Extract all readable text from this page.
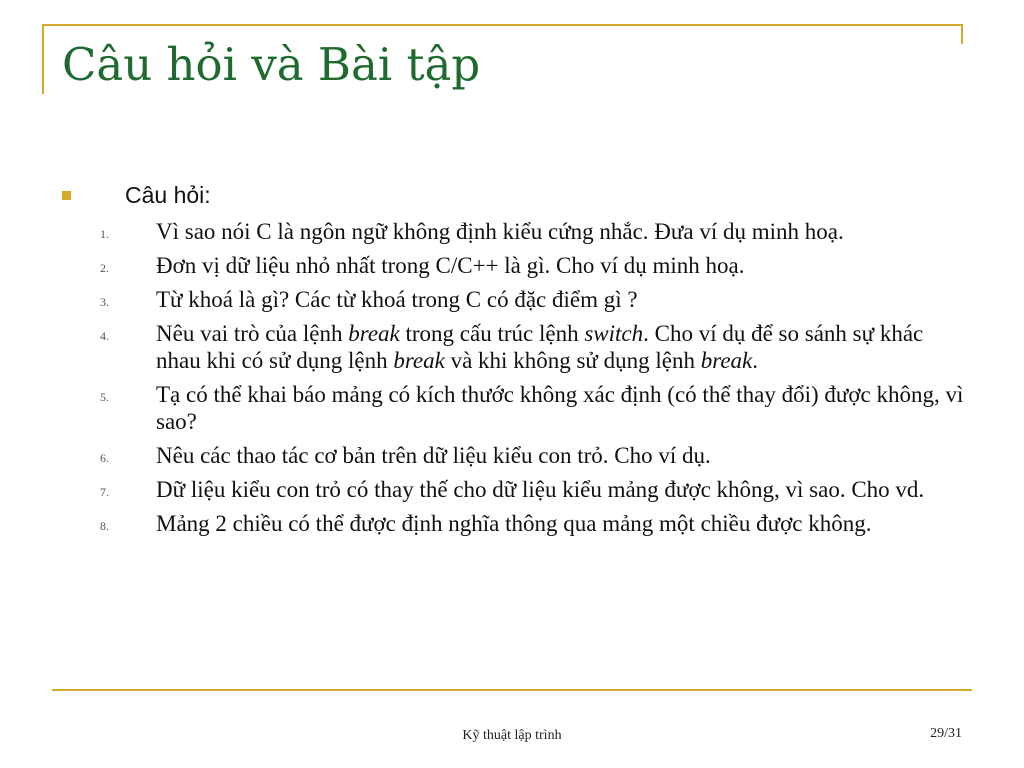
Câu hỏi và Bài tập
Câu hỏi:
1.	Vì sao nói C là ngôn ngữ không định kiểu cứng nhắc. Đưa ví dụ minh hoạ.
2.	Đơn vị dữ liệu nhỏ nhất trong C/C++ là gì. Cho ví dụ minh hoạ.
3.	Từ khoá là gì? Các từ khoá trong C có đặc điểm gì ?
4.	Nêu vai trò của lệnh break trong cấu trúc lệnh switch. Cho ví dụ để so sánh sự khác nhau khi có sử dụng lệnh break và khi không sử dụng lệnh break.
5.	Tạ có thể khai báo mảng có kích thước không xác định (có thể thay đổi) được không, vì sao?
6.	Nêu các thao tác cơ bản trên dữ liệu kiểu con trỏ. Cho ví dụ.
7.	Dữ liệu kiểu con trỏ có thay thế cho dữ liệu kiểu mảng được không, vì sao. Cho vd.
8.	Mảng 2 chiều có thể được định nghĩa thông qua mảng một chiều được không.
Kỹ thuật lập trình	29/31
